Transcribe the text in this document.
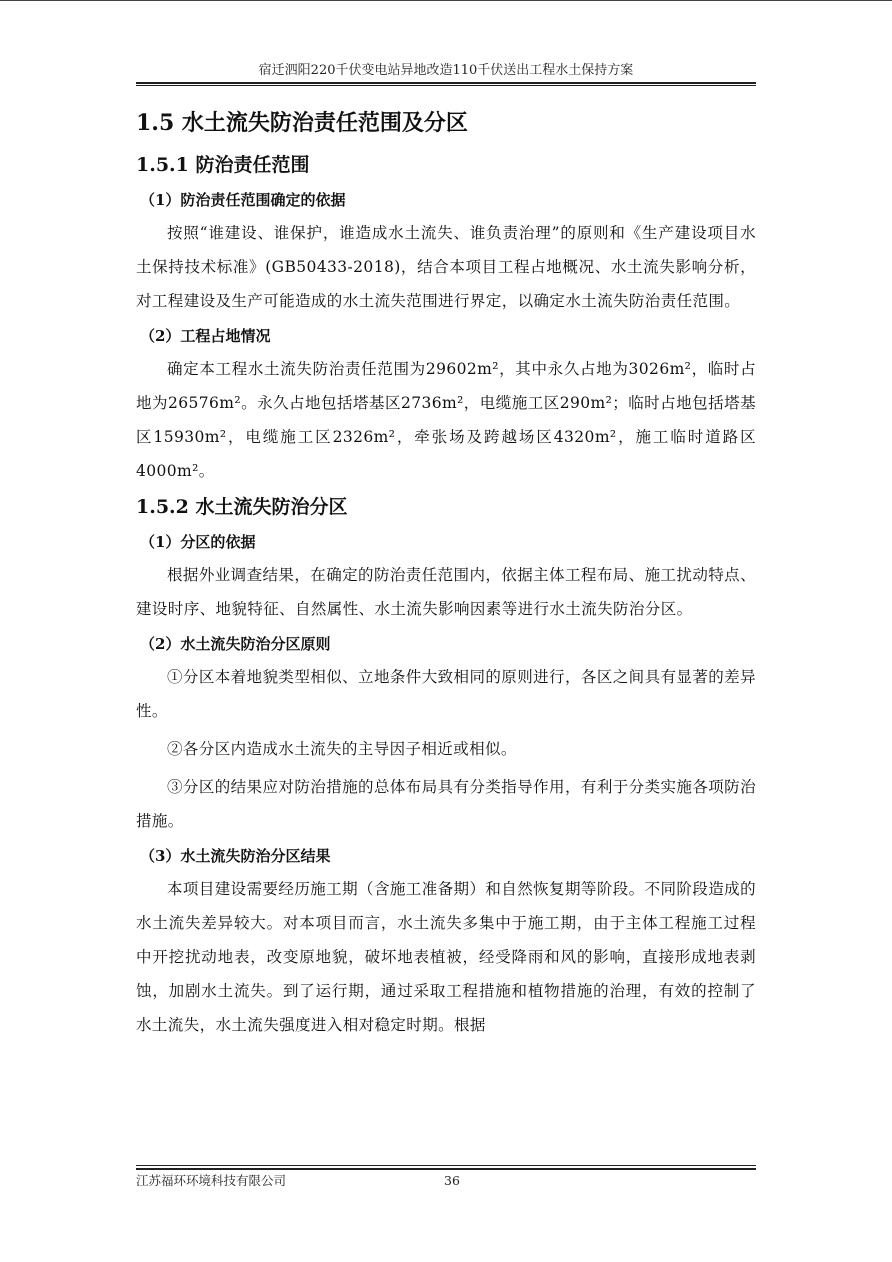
宿迁泗阳220千伏变电站异地改造110千伏送出工程水土保持方案
1.5 水土流失防治责任范围及分区
1.5.1 防治责任范围
（1）防治责任范围确定的依据
按照“谁建设、谁保护，谁造成水土流失、谁负责治理”的原则和《生产建设项目水土保持技术标准》(GB50433-2018)，结合本项目工程占地概况、水土流失影响分析，对工程建设及生产可能造成的水土流失范围进行界定，以确定水土流失防治责任范围。
（2）工程占地情况
确定本工程水土流失防治责任范围为29602m²，其中永久占地为3026m²，临时占地为26576m²。永久占地包括塔基区2736m²，电缆施工区290m²；临时占地包括塔基区15930m²，电缆施工区2326m²，牵张场及跨越场区4320m²，施工临时道路区4000m²。
1.5.2 水土流失防治分区
（1）分区的依据
根据外业调查结果，在确定的防治责任范围内，依据主体工程布局、施工扰动特点、建设时序、地貌特征、自然属性、水土流失影响因素等进行水土流失防治分区。
（2）水土流失防治分区原则
①分区本着地貌类型相似、立地条件大致相同的原则进行，各区之间具有显著的差异性。
②各分区内造成水土流失的主导因子相近或相似。
③分区的结果应对防治措施的总体布局具有分类指导作用，有利于分类实施各项防治措施。
（3）水土流失防治分区结果
本项目建设需要经历施工期（含施工准备期）和自然恢复期等阶段。不同阶段造成的水土流失差异较大。对本项目而言，水土流失多集中于施工期，由于主体工程施工过程中开挖扰动地表，改变原地貌，破坏地表植被，经受降雨和风的影响，直接形成地表剥蚀，加剧水土流失。到了运行期，通过采取工程措施和植物措施的治理，有效的控制了水土流失，水土流失强度进入相对稳定时期。根据
江苏福环环境科技有限公司	36
